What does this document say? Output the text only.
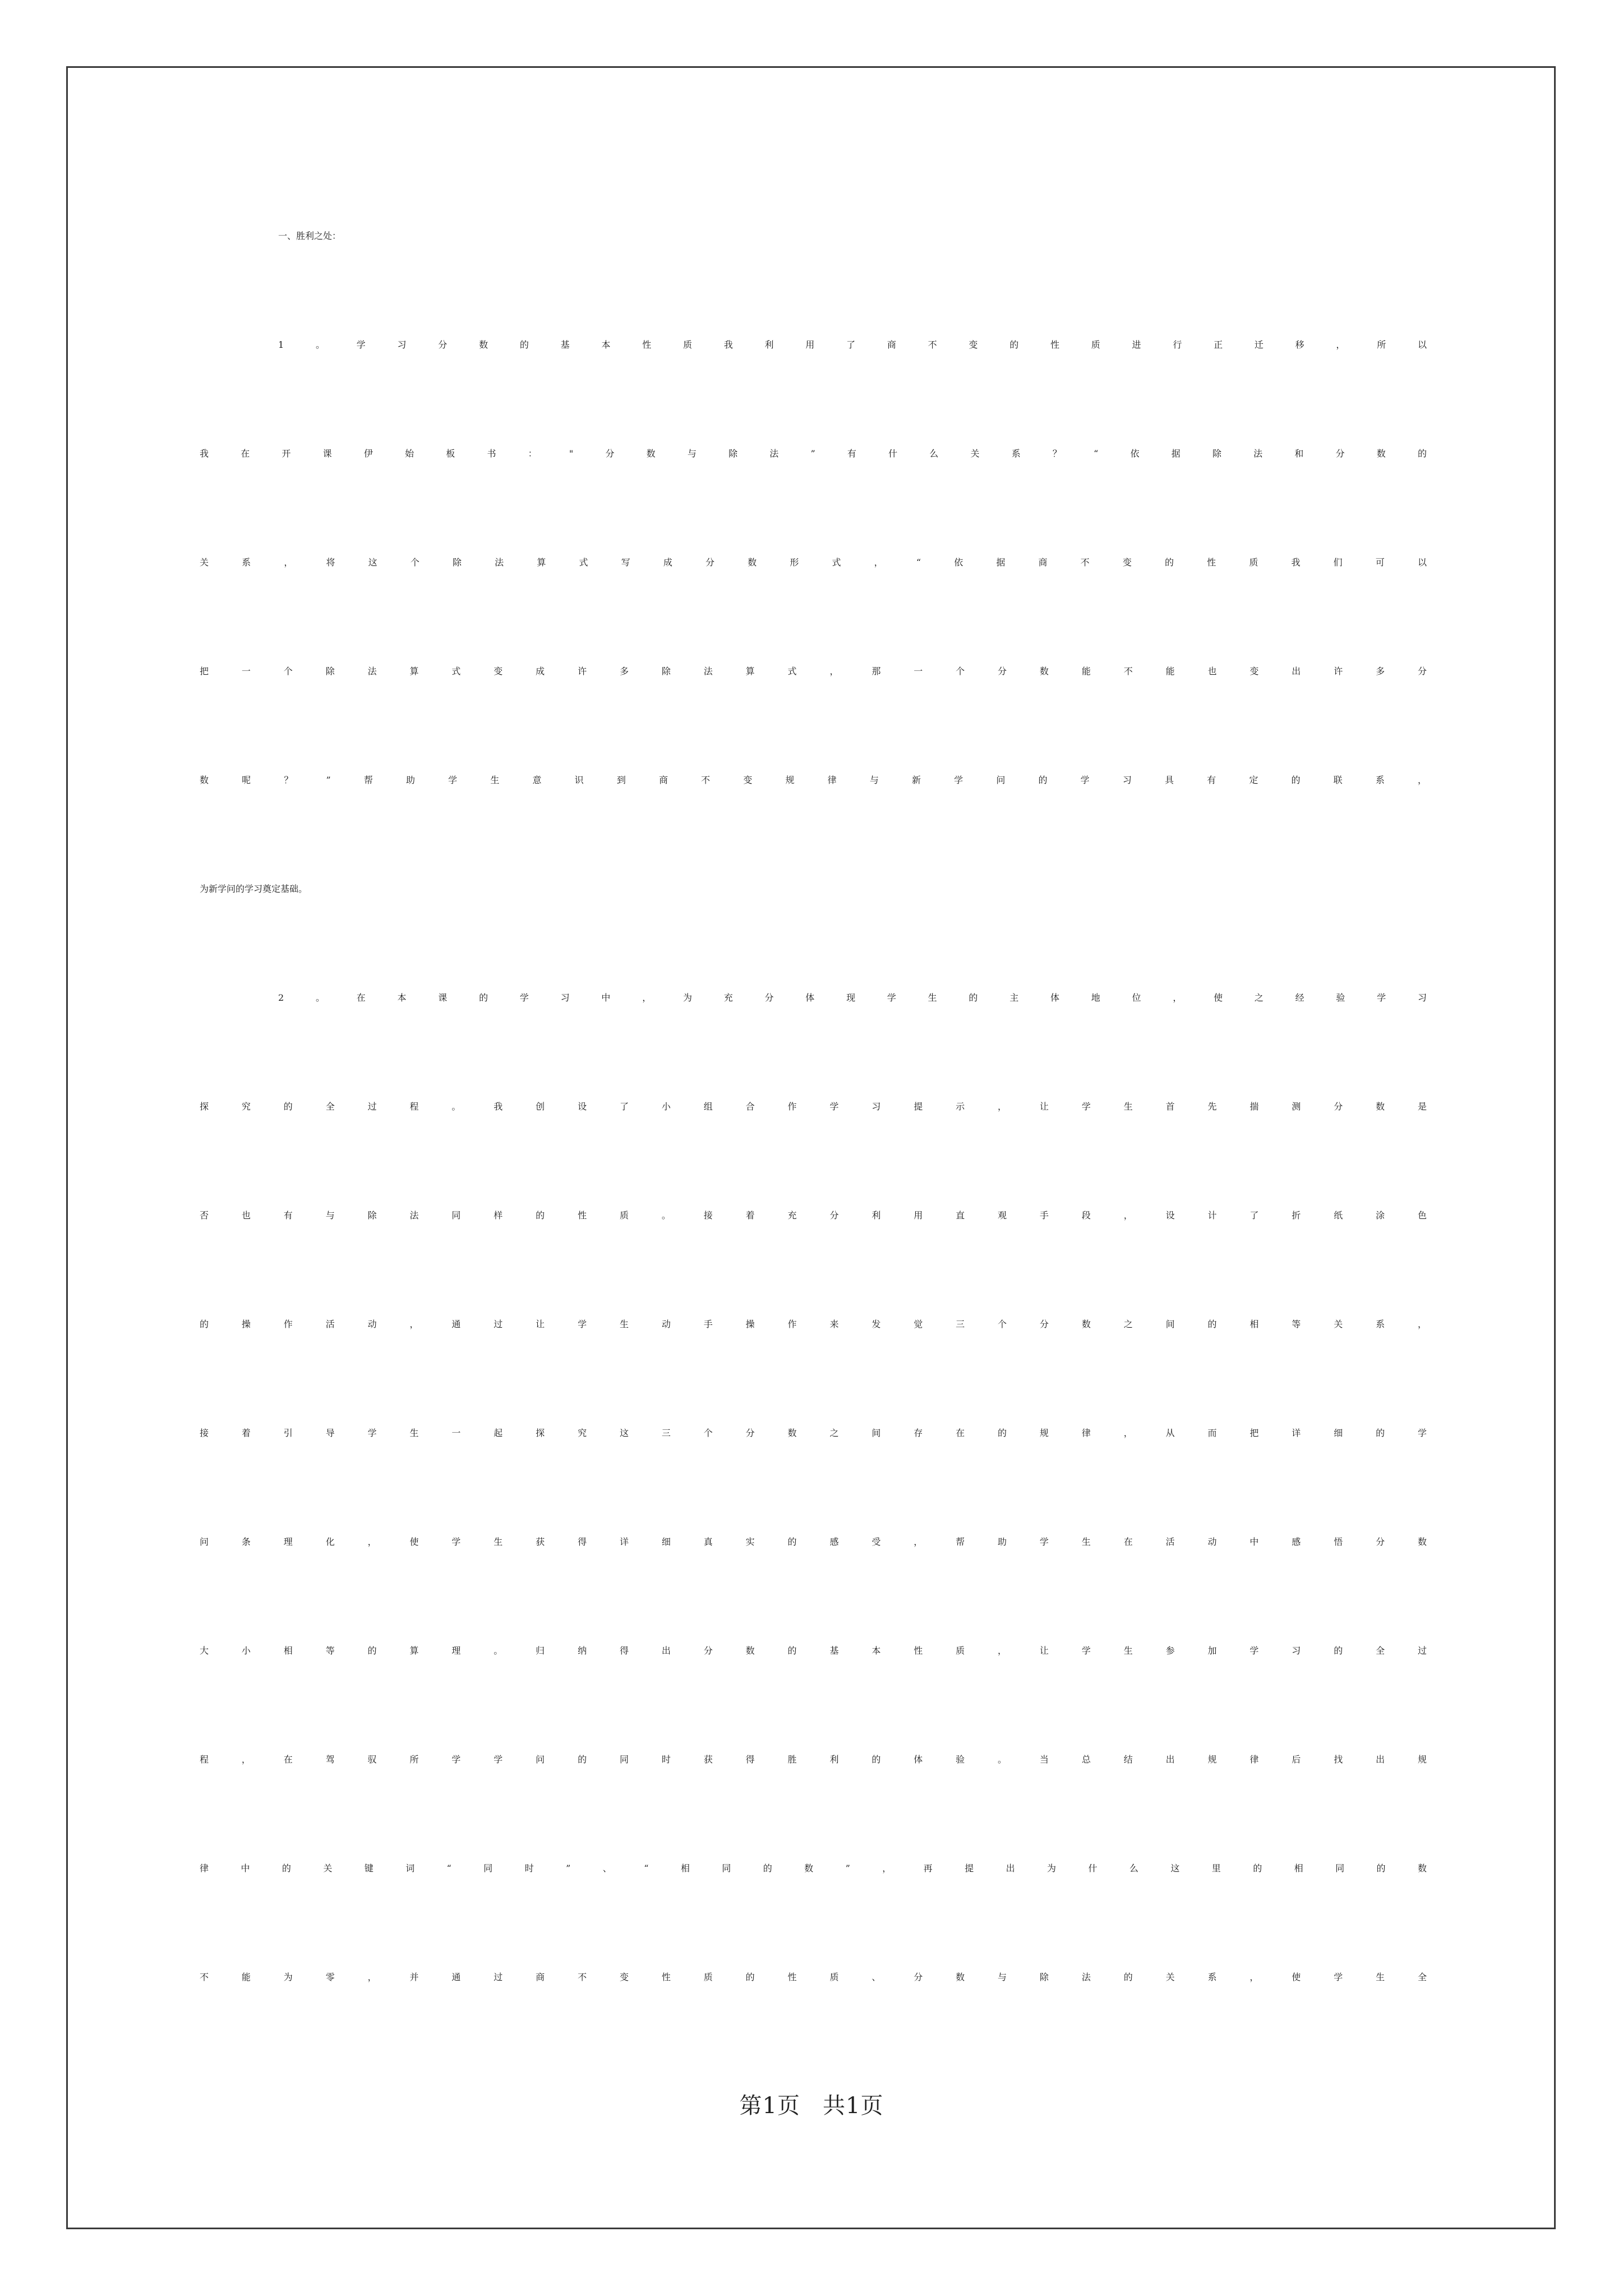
一、胜利之处：
1。学习分数的基本性质我利用了商不变的性质进行正迁移，所以
我在开课伊始板书："分数与除法”有什么关系？“依据除法和分数的
关系，将这个除法算式写成分数形式，“依据商不变的性质我们可以
把一个除法算式变成许多除法算式，那一个分数能不能也变出许多分
数呢？”帮助学生意识到商不变规律与新学问的学习具有定的联系，
为新学问的学习奠定基础。
2。在本课的学习中，为充分体现学生的主体地位，使之经验学习
探究的全过程。我创设了小组合作学习提示，让学生首先揣测分数是
否也有与除法同样的性质。接着充分利用直观手段，设计了折纸涂色
的操作活动，通过让学生动手操作来发觉三个分数之间的相等关系，
接着引导学生一起探究这三个分数之间存在的规律，从而把详细的学
问条理化，使学生获得详细真实的感受，帮助学生在活动中感悟分数
大小相等的算理。归纳得出分数的基本性质，让学生参加学习的全过
程，在驾驭所学学问的同时获得胜利的体验。当总结出规律后找出规
律中的关键词“同时”、“相同的数”，再提出为什么这里的相同的数
不能为零，并通过商不变性质的性质、分数与除法的关系，使学生全
第1页 共1页
